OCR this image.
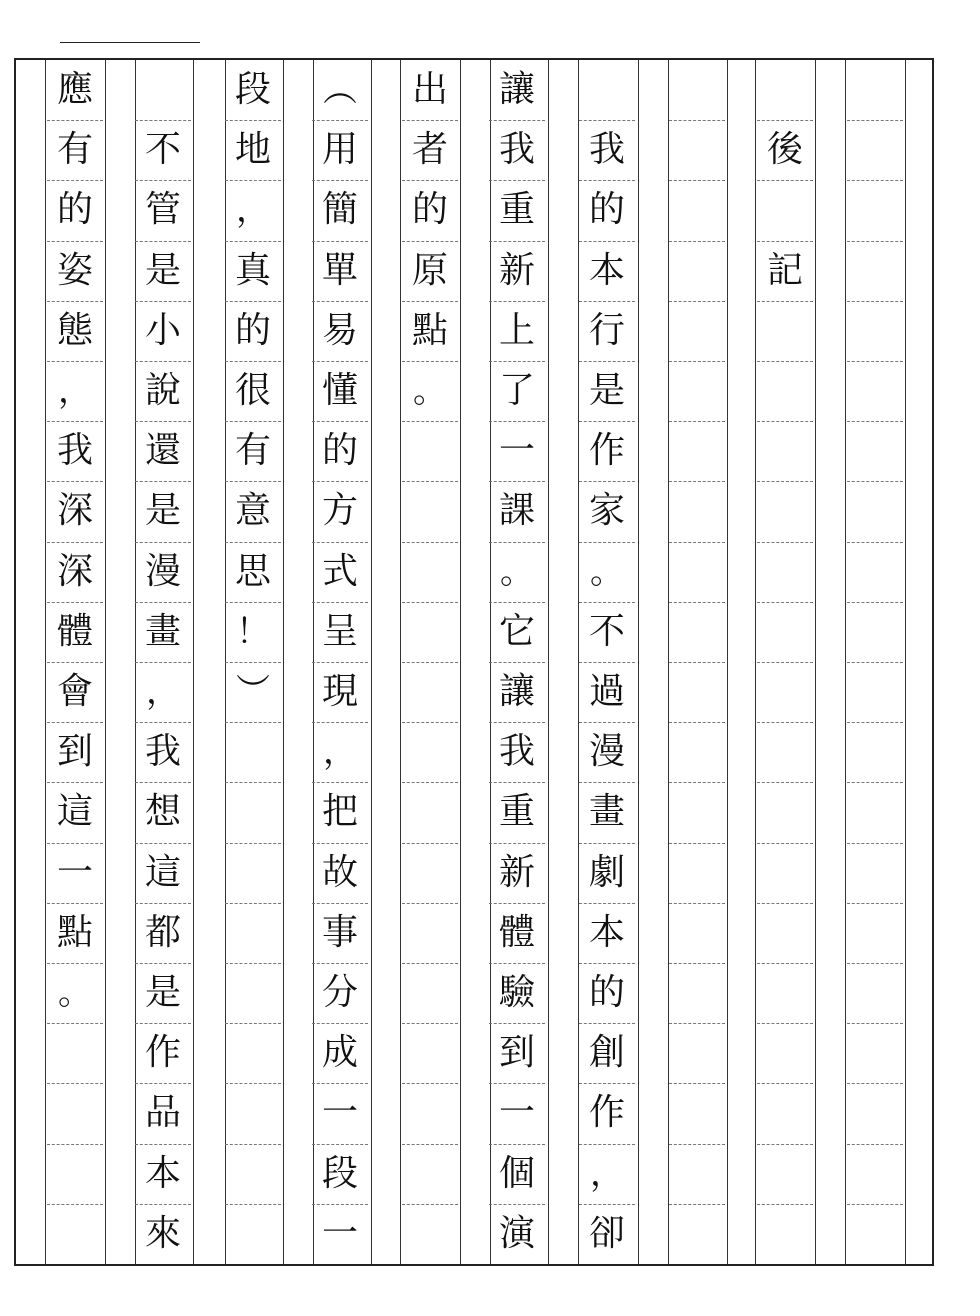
後
記
我
的
本
行
是
作
家
。
不
過
漫
畫
劇
本
的
創
作
，
卻
讓
我
重
新
上
了
一
課
。
它
讓
我
重
新
體
驗
到
一
個
演
出
者
的
原
點
。
︵
用
簡
單
易
懂
的
方
式
呈
現
，
把
故
事
分
成
一
段
一
段
地
，
真
的
很
有
意
思
！
︶
不
管
是
小
說
還
是
漫
畫
，
我
想
這
都
是
作
品
本
來
應
有
的
姿
態
，
我
深
深
體
會
到
這
一
點
。
